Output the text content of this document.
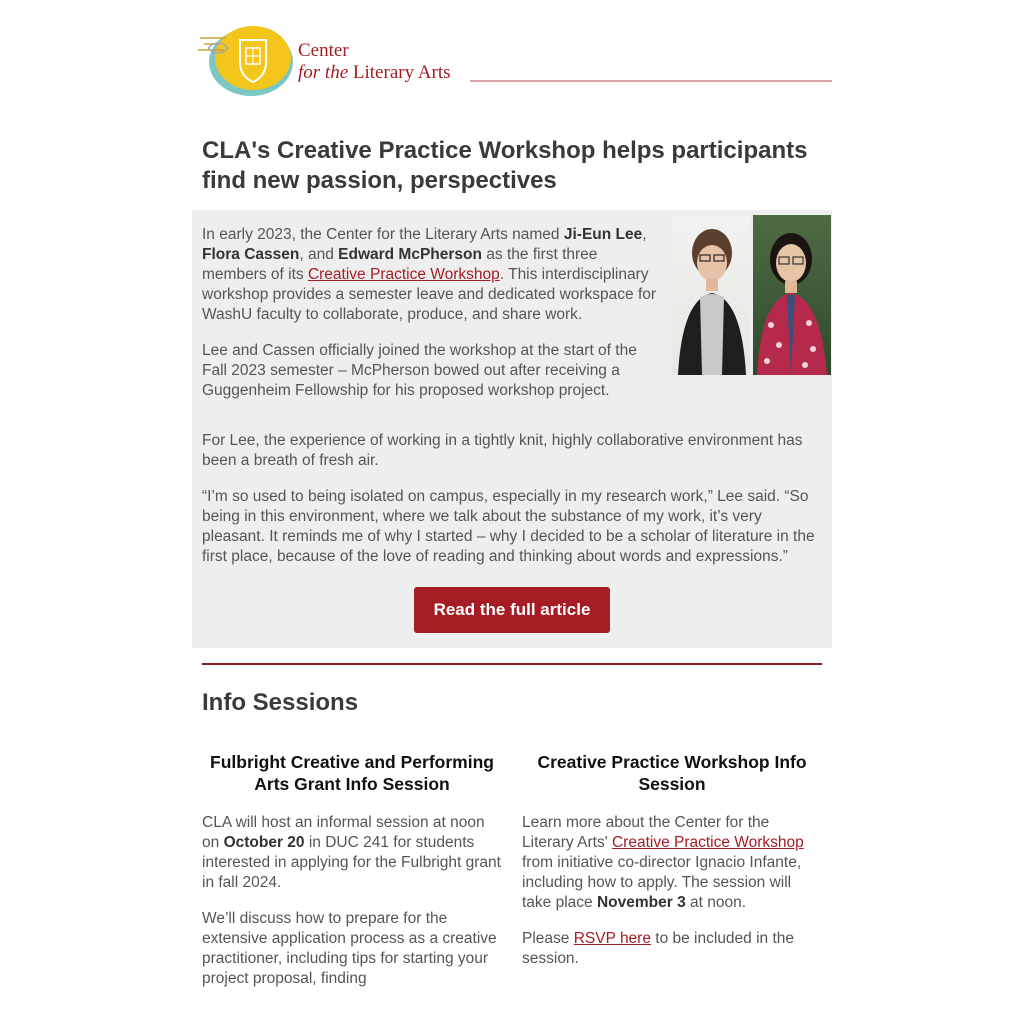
Center
for the Literary Arts
CLA's Creative Practice Workshop helps participants find new passion, perspectives

In early 2023, the Center for the Literary Arts named Ji-Eun Lee, Flora Cassen, and Edward McPherson as the first three members of its Creative Practice Workshop. This interdisciplinary workshop provides a semester leave and dedicated workspace for WashU faculty to collaborate, produce, and share work.

Lee and Cassen officially joined the workshop at the start of the Fall 2023 semester – McPherson bowed out after receiving a Guggenheim Fellowship for his proposed workshop project.

For Lee, the experience of working in a tightly knit, highly collaborative environment has been a breath of fresh air.

“I’m so used to being isolated on campus, especially in my research work,” Lee said. “So being in this environment, where we talk about the substance of my work, it’s very pleasant. It reminds me of why I started – why I decided to be a scholar of literature in the first place, because of the love of reading and thinking about words and expressions.”

Read the full article
Info Sessions
Fulbright Creative and Performing Arts Grant Info Session

CLA will host an informal session at noon on October 20 in DUC 241 for students interested in applying for the Fulbright grant in fall 2024.

We’ll discuss how to prepare for the extensive application process as a creative practitioner, including tips for starting your project proposal, finding

Creative Practice Workshop Info Session

Learn more about the Center for the Literary Arts' Creative Practice Workshop from initiative co-director Ignacio Infante, including how to apply. The session will take place November 3 at noon.

Please RSVP here to be included in the session.
